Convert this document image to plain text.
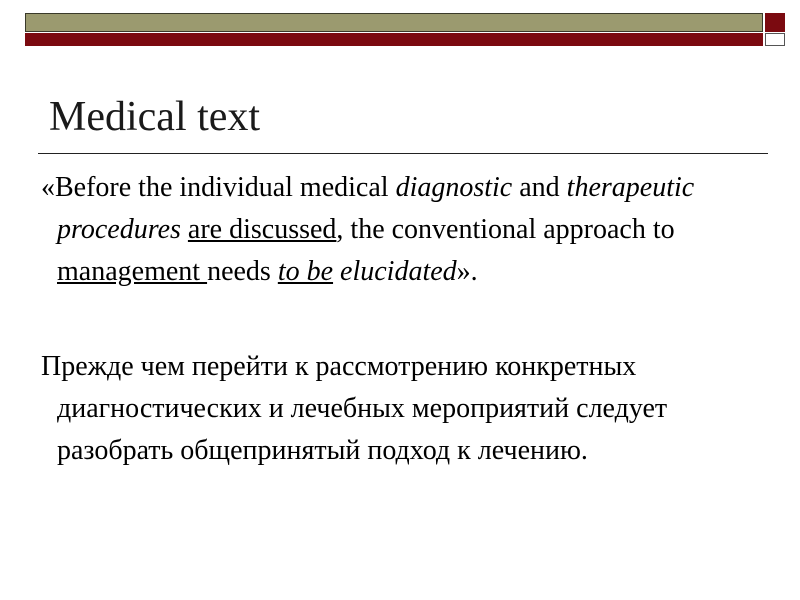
Medical text

«Before the individual medical diagnostic and therapeutic procedures are discussed, the conventional approach to management needs to be elucidated».

Прежде чем перейти к рассмотрению конкретных диагностических и лечебных мероприятий следует разобрать общепринятый подход к лечению.
